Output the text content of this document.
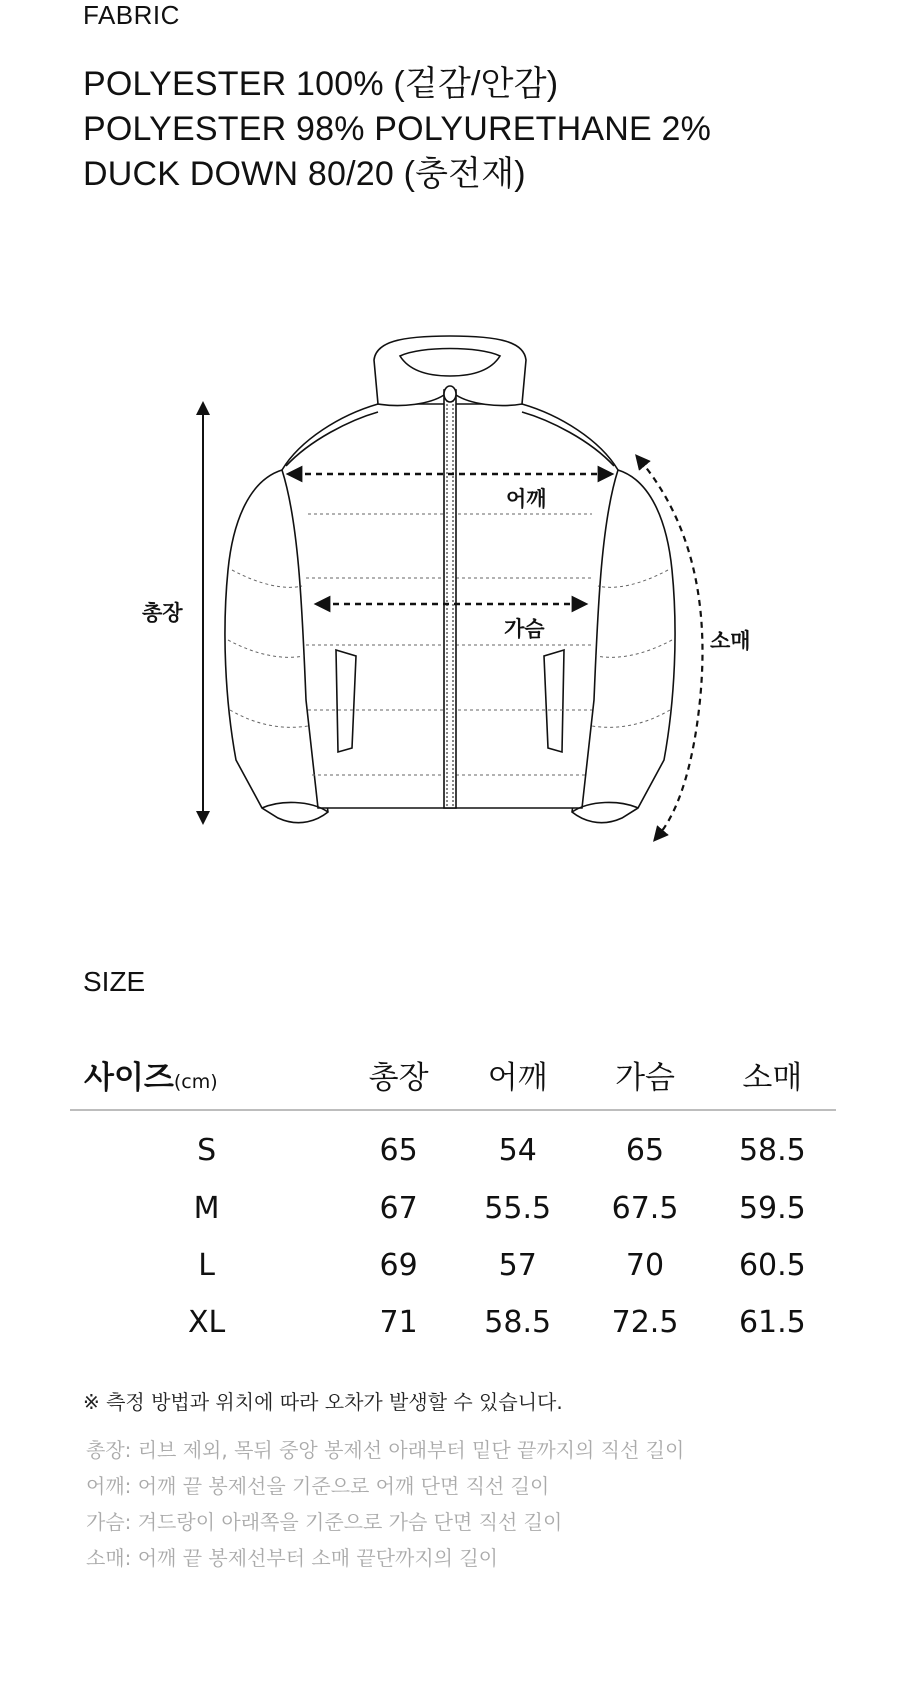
FABRIC
POLYESTER 100% (겉감/안감)
POLYESTER 98% POLYURETHANE 2%
DUCK DOWN 80/20 (충전재)
총장
어깨
가슴	소매
SIZE
사이즈(cm)	총장	어깨	가슴	소매
S	65	54	65	58.5
M	67	55.5	67.5	59.5
L	69	57	70	60.5
XL	71	58.5	72.5	61.5
※ 측정 방법과 위치에 따라 오차가 발생할 수 있습니다.
총장: 리브 제외, 목뒤 중앙 봉제선 아래부터 밑단 끝까지의 직선 길이
어깨: 어깨 끝 봉제선을 기준으로 어깨 단면 직선 길이
가슴: 겨드랑이 아래쪽을 기준으로 가슴 단면 직선 길이
소매: 어깨 끝 봉제선부터 소매 끝단까지의 길이
